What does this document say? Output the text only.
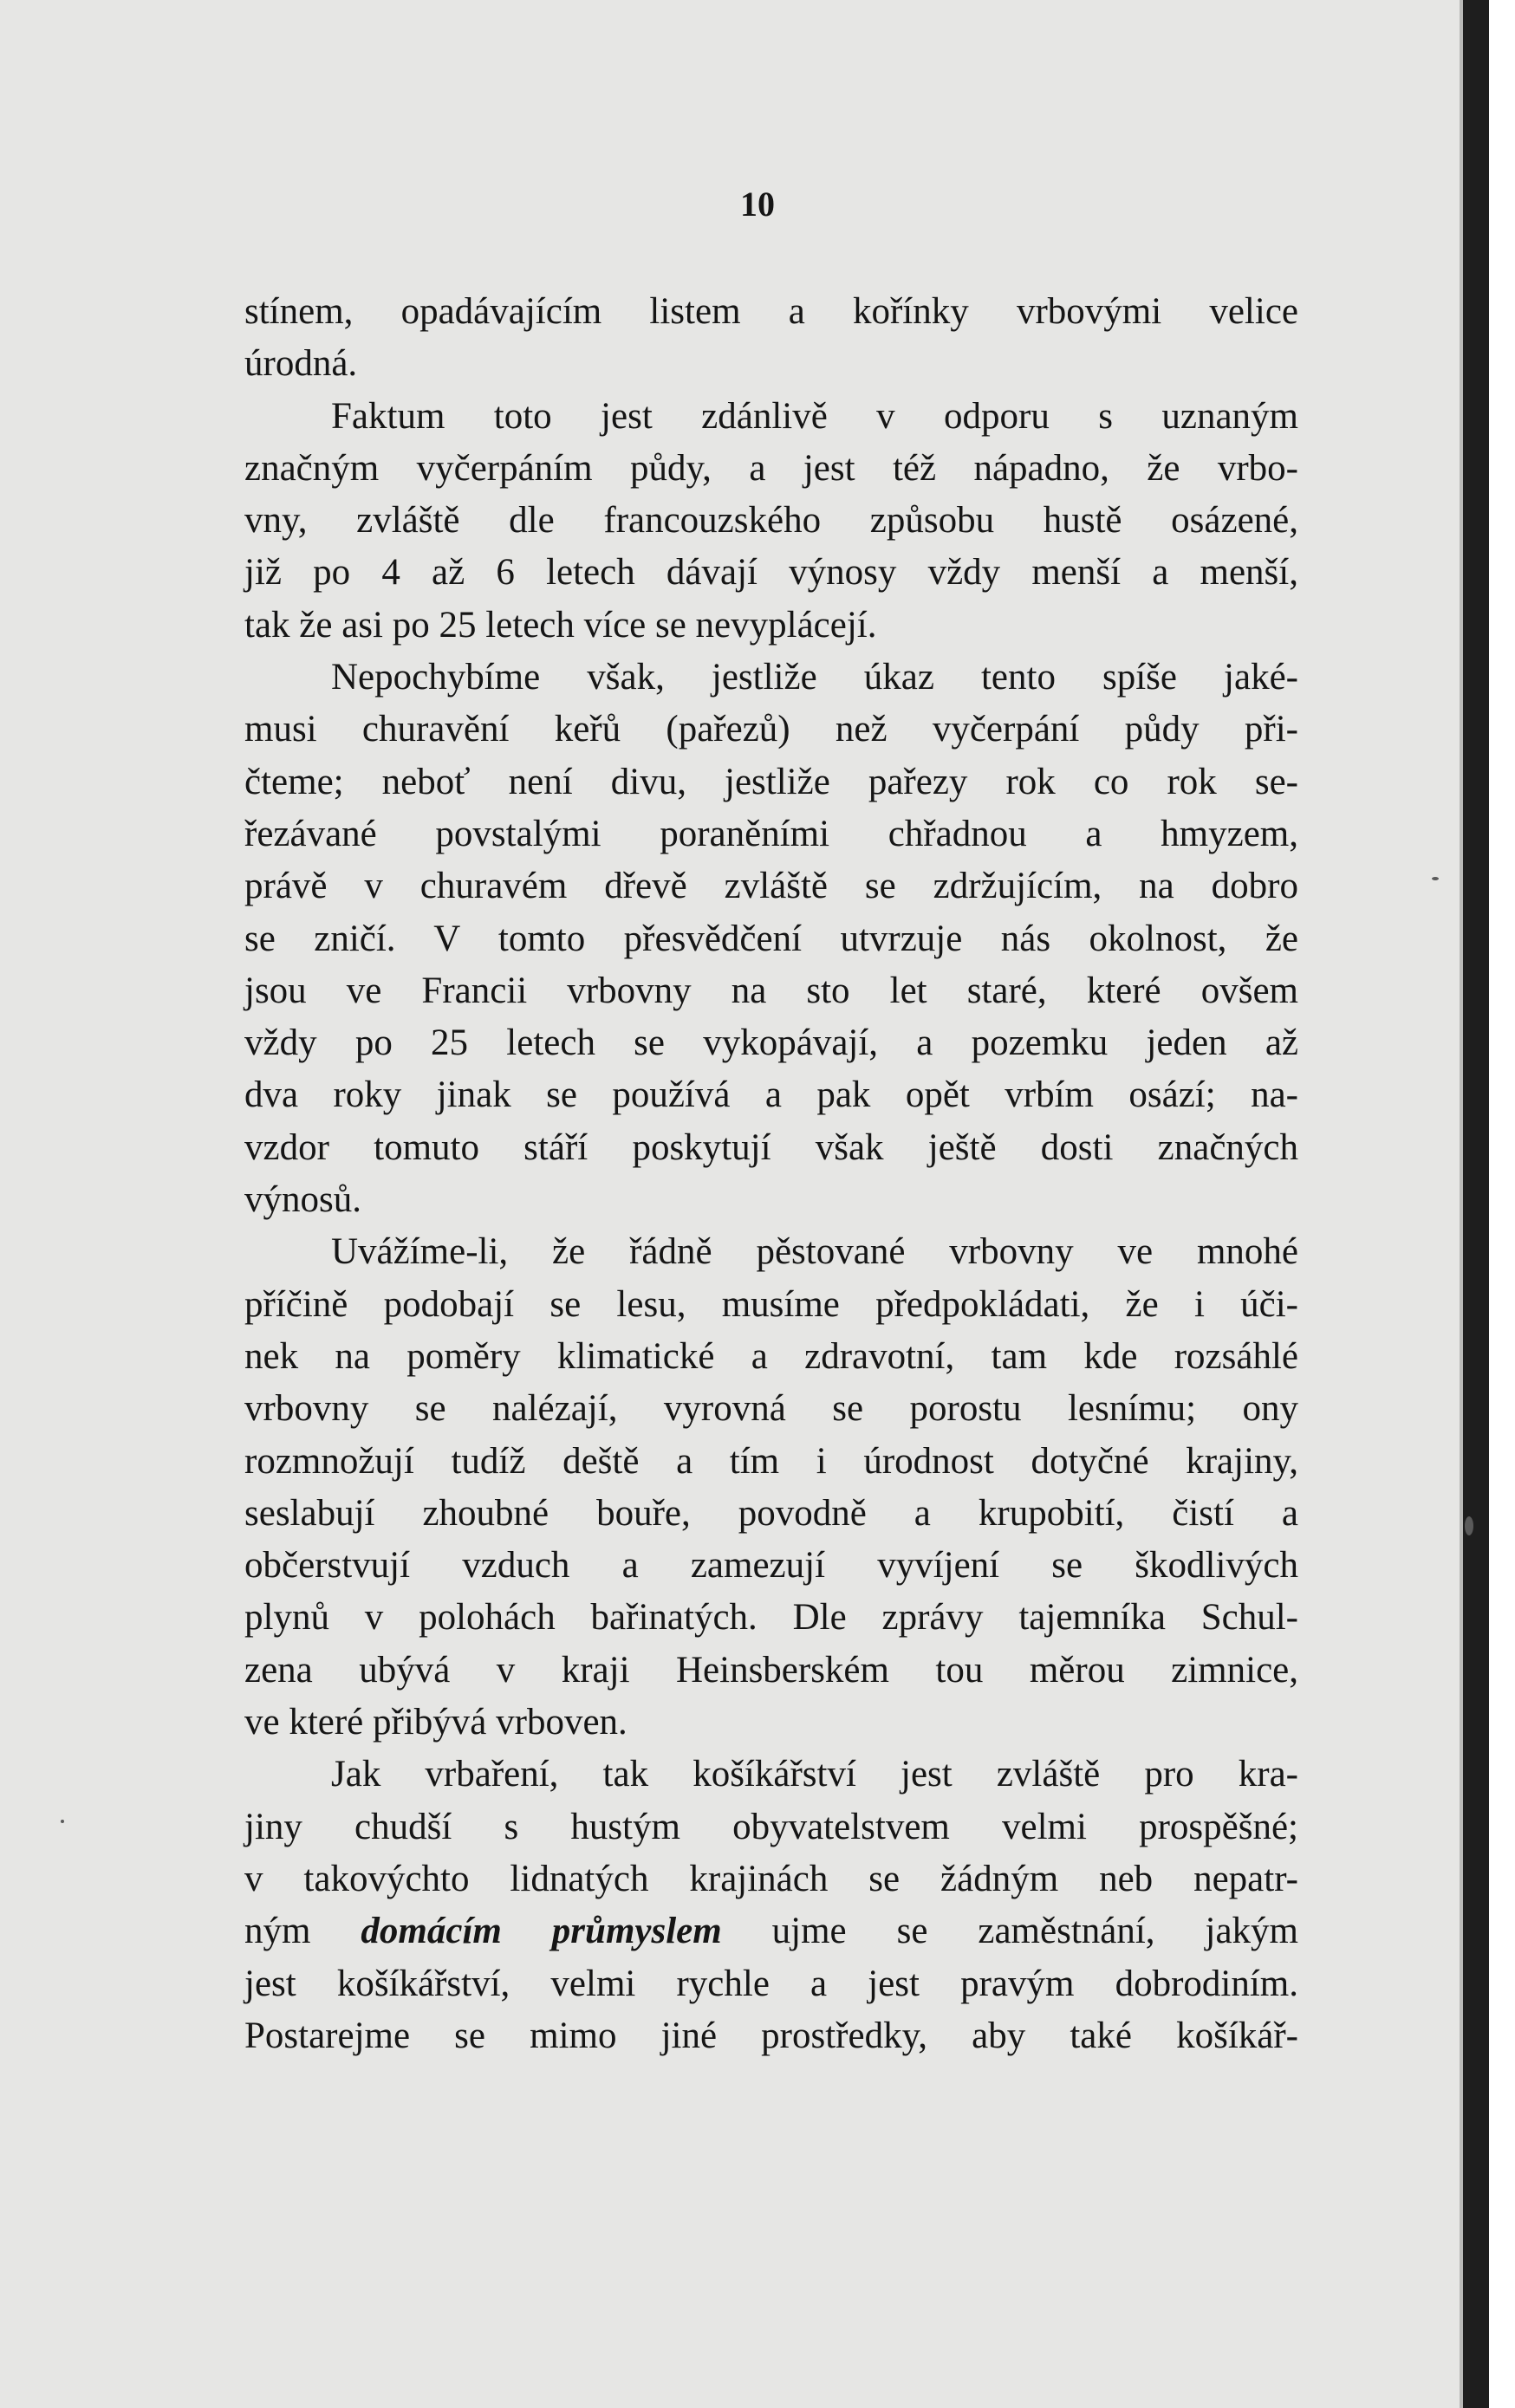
10
stínem, opadávajícím listem a kořínky vrbovými velice
úrodná.
Faktum toto jest zdánlivě v odporu s uznaným
značným vyčerpáním půdy, a jest též nápadno, že vrbo-
vny, zvláště dle francouzského způsobu hustě osázené,
již po 4 až 6 letech dávají výnosy vždy menší a menší,
tak že asi po 25 letech více se nevyplácejí.
Nepochybíme však, jestliže úkaz tento spíše jaké-
musi churavění keřů (pařezů) než vyčerpání půdy při-
čteme; neboť není divu, jestliže pařezy rok co rok se-
řezávané povstalými poraněními chřadnou a hmyzem,
právě v churavém dřevě zvláště se zdržujícím, na dobro
se zničí. V tomto přesvědčení utvrzuje nás okolnost, že
jsou ve Francii vrbovny na sto let staré, které ovšem
vždy po 25 letech se vykopávají, a pozemku jeden až
dva roky jinak se používá a pak opět vrbím osází; na-
vzdor tomuto stáří poskytují však ještě dosti značných
výnosů.
Uvážíme-li, že řádně pěstované vrbovny ve mnohé
příčině podobají se lesu, musíme předpokládati, že i úči-
nek na poměry klimatické a zdravotní, tam kde rozsáhlé
vrbovny se nalézají, vyrovná se porostu lesnímu; ony
rozmnožují tudíž deště a tím i úrodnost dotyčné krajiny,
seslabují zhoubné bouře, povodně a krupobití, čistí a
občerstvují vzduch a zamezují vyvíjení se škodlivých
plynů v polohách bařinatých. Dle zprávy tajemníka Schul-
zena ubývá v kraji Heinsberském tou měrou zimnice,
ve které přibývá vrboven.
Jak vrbaření, tak košíkářství jest zvláště pro kra-
jiny chudší s hustým obyvatelstvem velmi prospěšné;
v takovýchto lidnatých krajinách se žádným neb nepatr-
ným domácím průmyslem ujme se zaměstnání, jakým
jest košíkářství, velmi rychle a jest pravým dobrodiním.
Postarejme se mimo jiné prostředky, aby také košíkář-
